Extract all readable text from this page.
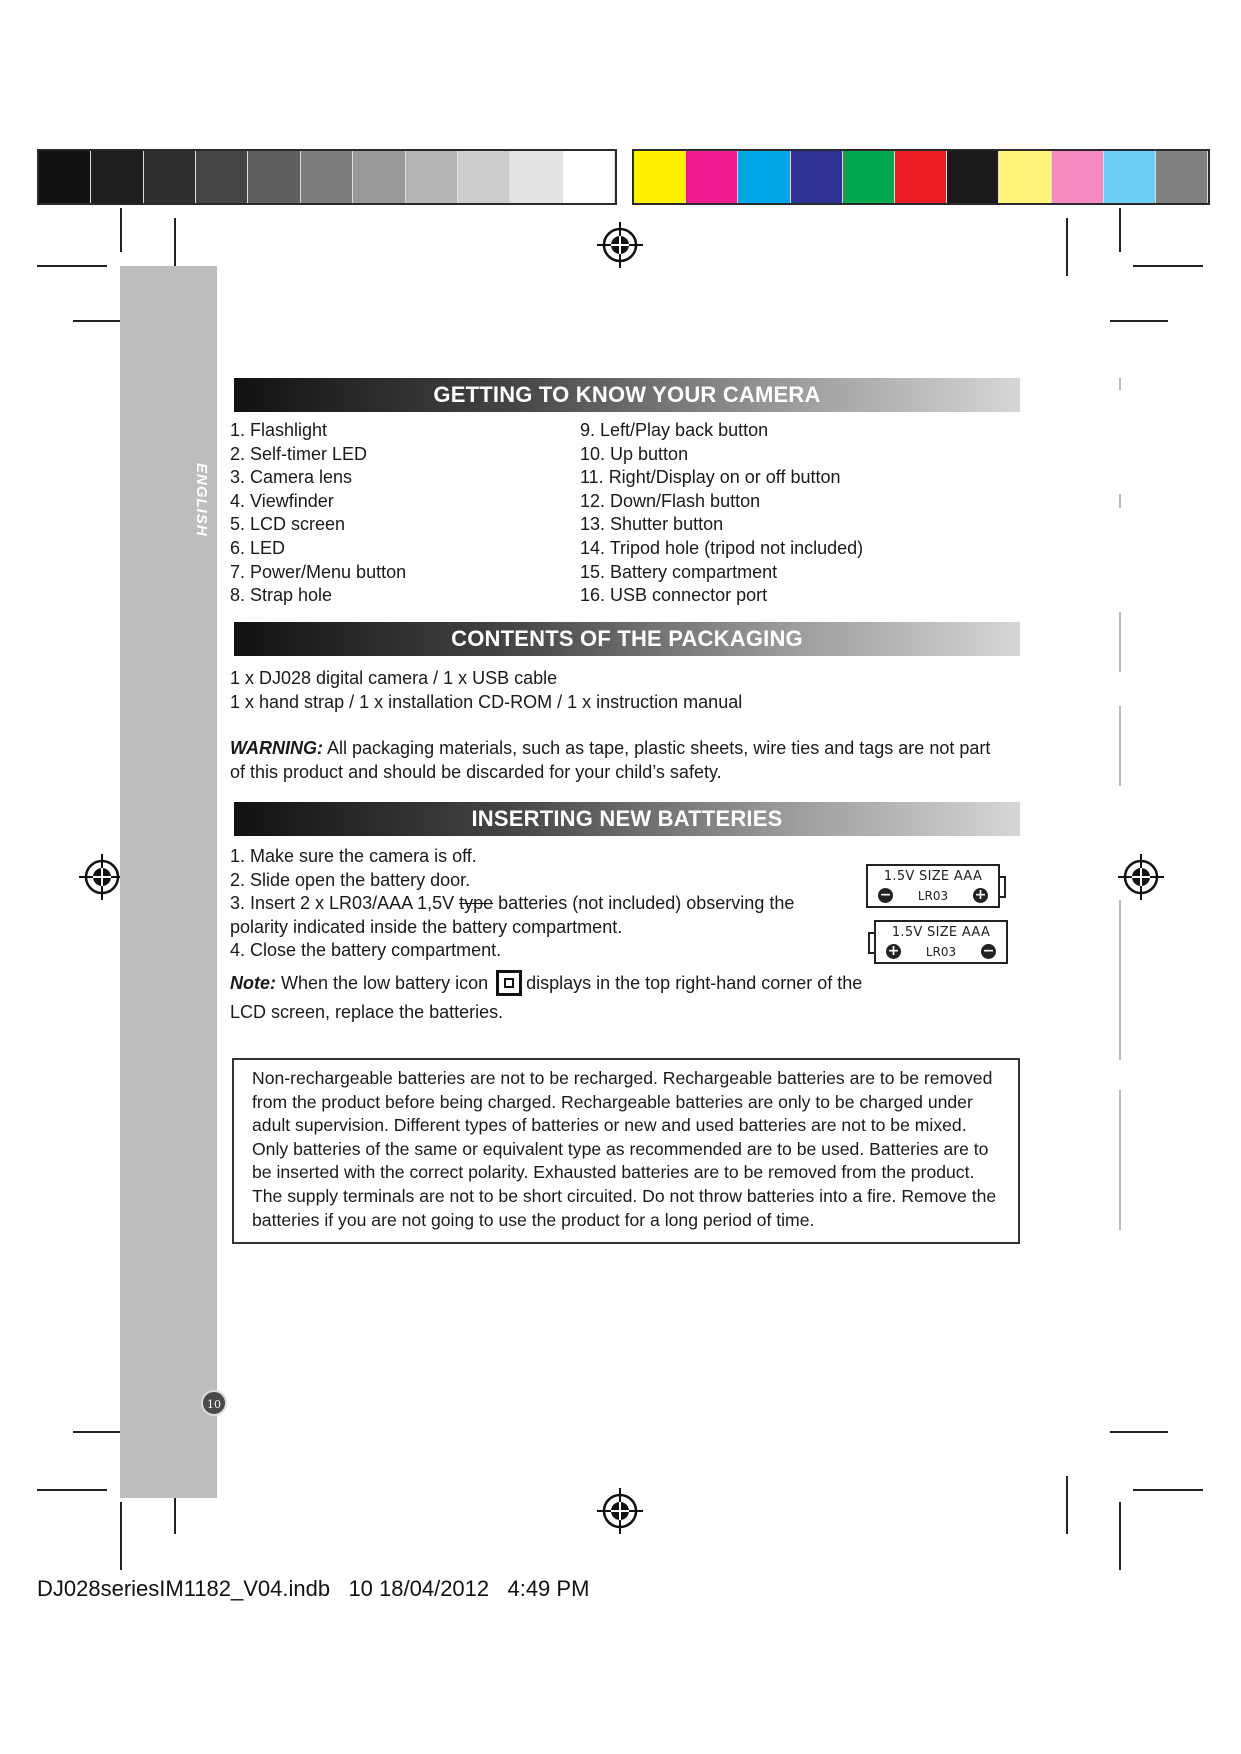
ENGLISH
10
GETTING TO KNOW YOUR CAMERA
1. Flashlight
2. Self-timer LED
3. Camera lens
4. Viewfinder
5. LCD screen
6. LED
7. Power/Menu button
8. Strap hole
9. Left/Play back button
10. Up button
11. Right/Display on or off button
12. Down/Flash button
13. Shutter button
14. Tripod hole (tripod not included)
15. Battery compartment
16. USB connector port
CONTENTS OF THE PACKAGING
1 x DJ028 digital camera / 1 x USB cable
1 x hand strap / 1 x installation CD-ROM / 1 x instruction manual
WARNING: All packaging materials, such as tape, plastic sheets, wire ties and tags are not part of this product and should be discarded for your child’s safety.
INSERTING NEW BATTERIES
1. Make sure the camera is off.
2. Slide open the battery door.
3. Insert 2 x LR03/AAA 1,5V type batteries (not included) observing the
polarity indicated inside the battery compartment.
4. Close the battery compartment.
Note: When the low battery icon displays in the top right-hand corner of the
LCD screen, replace the batteries.
1.5V SIZE AAA
−	LR03	+
1.5V SIZE AAA
+	LR03	−
Non-rechargeable batteries are not to be recharged. Rechargeable batteries are to be removed
from the product before being charged. Rechargeable batteries are only to be charged under
adult supervision. Different types of batteries or new and used batteries are not to be mixed.
Only batteries of the same or equivalent type as recommended are to be used. Batteries are to
be inserted with the correct polarity. Exhausted batteries are to be removed from the product.
The supply terminals are not to be short circuited. Do not throw batteries into a fire. Remove the
batteries if you are not going to use the product for a long period of time.
DJ028seriesIM1182_V04.indb   10 18/04/2012   4:49 PM
